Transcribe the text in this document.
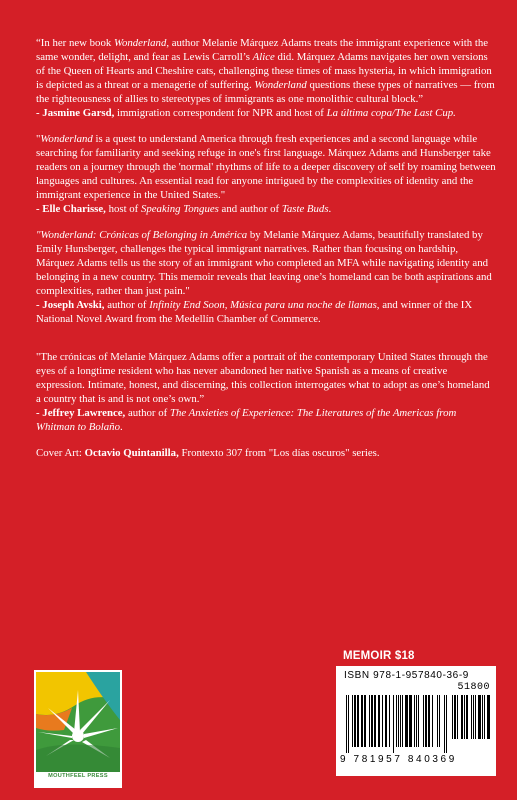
“In her new book Wonderland, author Melanie Márquez Adams treats the immigrant experience with the same wonder, delight, and fear as Lewis Carroll’s Alice did. Márquez Adams navigates her own versions of the Queen of Hearts and Cheshire cats, challenging these times of mass hysteria, in which immigration is depicted as a threat or a menagerie of suffering. Wonderland questions these types of narratives — from the righteousness of allies to stereotypes of immigrants as one monolithic cultural block.”

- Jasmine Garsd, immigration correspondent for NPR and host of La última copa/The Last Cup.

"Wonderland is a quest to understand America through fresh experiences and a second language while searching for familiarity and seeking refuge in one's first language. Márquez Adams and Hunsberger take readers on a journey through the 'normal' rhythms of life to a deeper discovery of self by roaming between languages and cultures. An essential read for anyone intrigued by the complexities of identity and the immigrant experience in the United States."

- Elle Charisse, host of Speaking Tongues and author of Taste Buds.

"Wonderland: Crónicas of Belonging in América by Melanie Márquez Adams, beautifully translated by Emily Hunsberger, challenges the typical immigrant narratives. Rather than focusing on hardship, Márquez Adams tells us the story of an immigrant who completed an MFA while navigating identity and belonging in a new country. This memoir reveals that leaving one’s homeland can be both aspirations and complexities, rather than just pain."

- Joseph Avski, author of Infinity End Soon, Música para una noche de llamas, and winner of the IX National Novel Award from the Medellín Chamber of Commerce.

"The crónicas of Melanie Márquez Adams offer a portrait of the contemporary United States through the eyes of a longtime resident who has never abandoned her native Spanish as a means of creative expression. Intimate, honest, and discerning, this collection interrogates what to adopt as one’s homeland a country that is and is not one’s own.”

- Jeffrey Lawrence, author of The Anxieties of Experience: The Literatures of the Americas from Whitman to Bolaño.

Cover Art: Octavio Quintanilla, Frontexto 307 from "Los días oscuros" series.

MOUTHFEEL PRESS
MEMOIR $18
ISBN 978-1-957840-36-9
51800
9 781957 840369
